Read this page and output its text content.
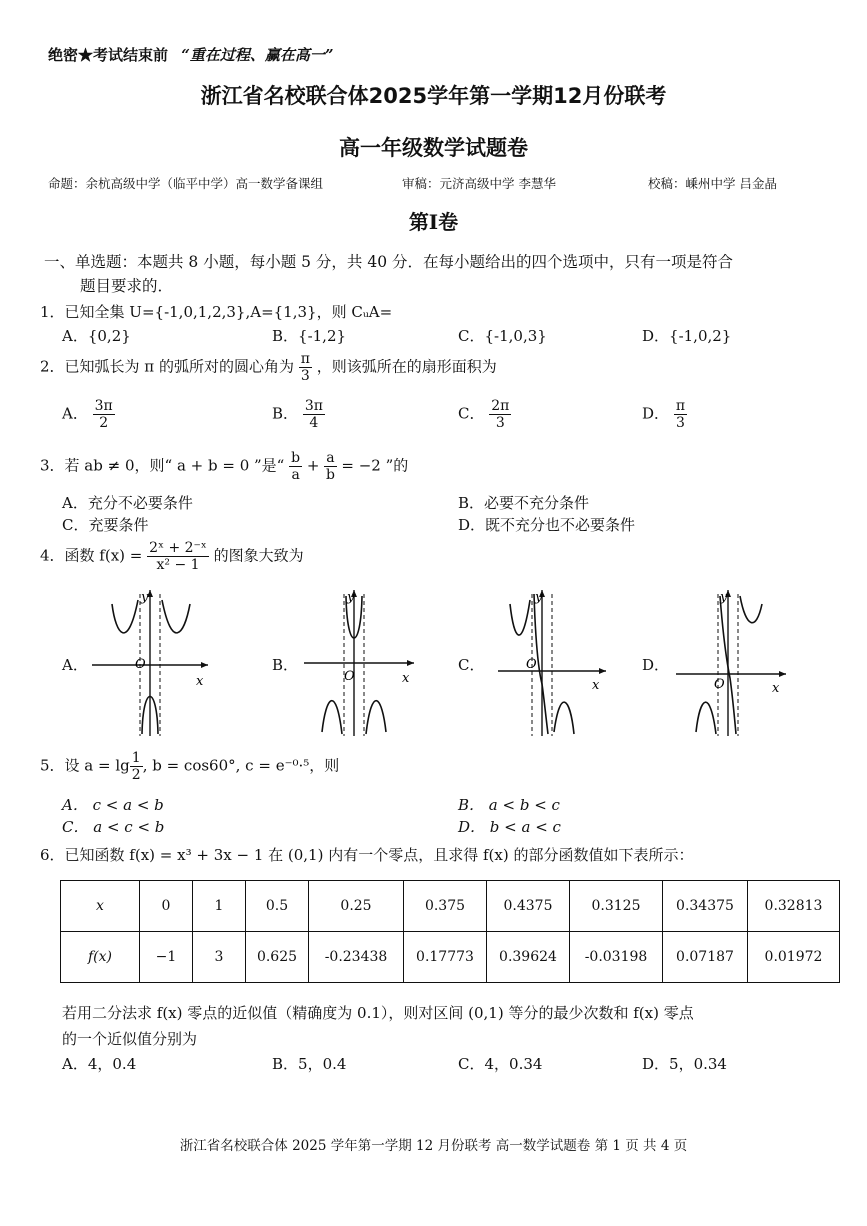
绝密★考试结束前 “重在过程、赢在高一”
浙江省名校联合体2025学年第一学期12月份联考
高一年级数学试题卷
命题：余杭高级中学（临平中学）高一数学备课组	审稿：元济高级中学 李慧华	校稿：嵊州中学 吕金晶
第Ⅰ卷
一、单选题：本题共 8 小题，每小题 5 分，共 40 分．在每小题给出的四个选项中，只有一项是符合
题目要求的．
1．已知全集 U={-1,0,1,2,3},A={1,3}，则 CᵤA=
A．{0,2}	B．{-1,2}	C．{-1,0,3}	D．{-1,0,2}
2．已知弧长为 π 的弧所对的圆心角为 $\frac{\pi}{3}$ ，则该弧所在的扇形面积为
A． $\frac{3\pi}{2}$	B． $\frac{3\pi}{4}$	C． $\frac{2\pi}{3}$	D． $\frac{\pi}{3}$
3．若 ab ≠ 0，则“ a + b = 0 ”是“ $\frac{b}{a} + \frac{a}{b} = -2$ ”的
A．充分不必要条件	B．必要不充分条件
C．充要条件	D．既不充分也不必要条件
4．函数 $f(x) = \frac{\text{2ˣ + 2⁻ˣ}}{\text{x² − 1}}$ 的图象大致为
A．	B．	C．	D．
y
x
O
y
x
O
y
x
O
y
x
O
5．设 $a = \lg \frac{1}{2}$ , b = cos60°, c = e⁻⁰·⁵，则
A． c < a < b	B． a < b < c
C． a < c < b	D． b < a < c
6．已知函数 f(x) = x³ + 3x − 1 在 (0,1) 内有一个零点，且求得 f(x) 的部分函数值如下表所示：
x	0	1	0.5	0.25	0.375	0.4375	0.3125	0.34375	0.32813
f(x)	−1	3	0.625	-0.23438	0.17773	0.39624	-0.03198	0.07187	0.01972
若用二分法求 f(x) 零点的近似值（精确度为 0.1），则对区间 (0,1) 等分的最少次数和 f(x) 零点
的一个近似值分别为
A．4，0.4	B．5，0.4	C．4，0.34	D．5，0.34
浙江省名校联合体 2025 学年第一学期 12 月份联考 高一数学试题卷 第 1 页 共 4 页
